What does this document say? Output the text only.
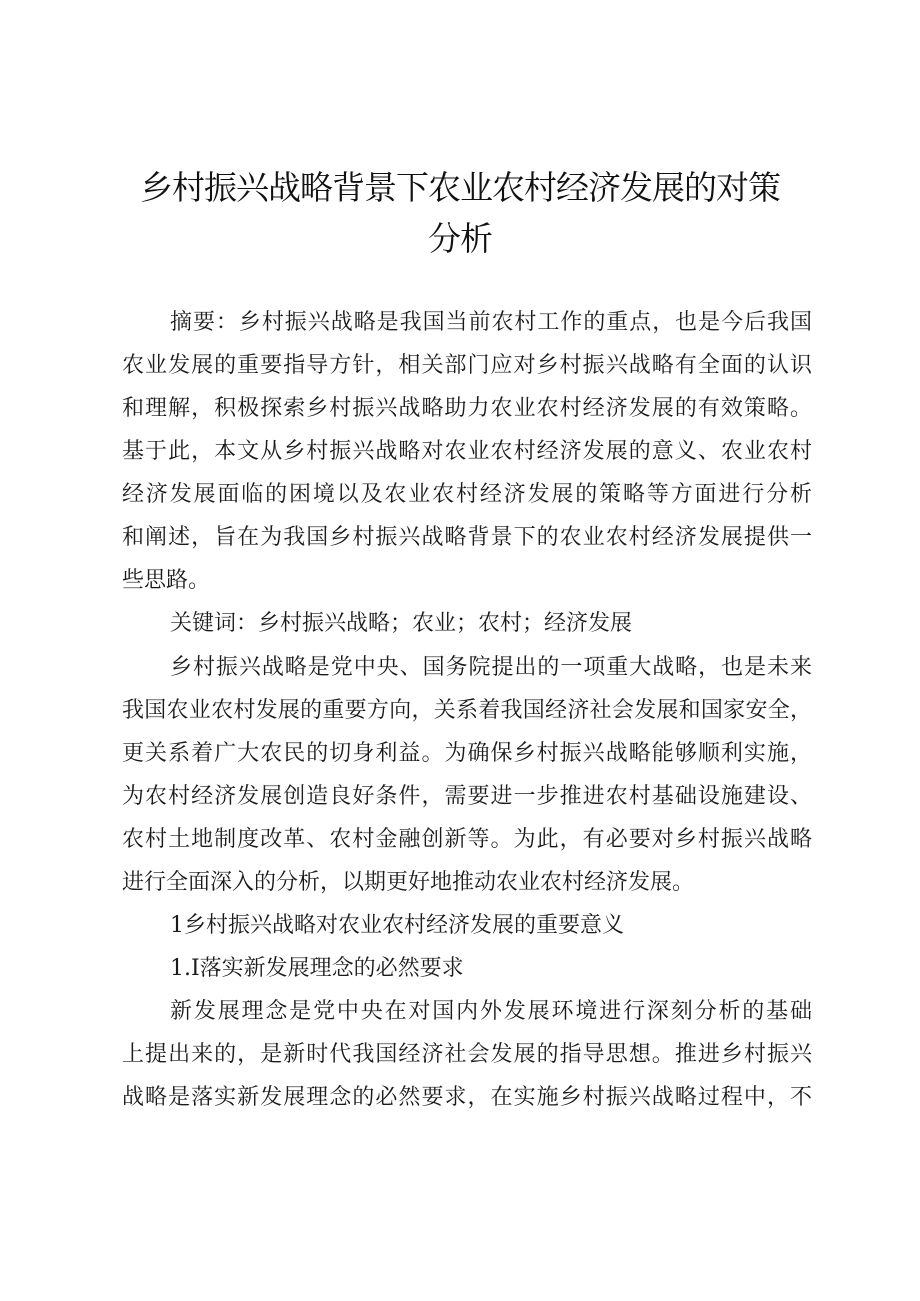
乡村振兴战略背景下农业农村经济发展的对策
分析

摘要：乡村振兴战略是我国当前农村工作的重点，也是今后我国

农业发展的重要指导方针，相关部门应对乡村振兴战略有全面的认识

和理解，积极探索乡村振兴战略助力农业农村经济发展的有效策略。

基于此，本文从乡村振兴战略对农业农村经济发展的意义、农业农村

经济发展面临的困境以及农业农村经济发展的策略等方面进行分析

和阐述，旨在为我国乡村振兴战略背景下的农业农村经济发展提供一

些思路。

关键词：乡村振兴战略；农业；农村；经济发展

乡村振兴战略是党中央、国务院提出的一项重大战略，也是未来

我国农业农村发展的重要方向，关系着我国经济社会发展和国家安全，

更关系着广大农民的切身利益。为确保乡村振兴战略能够顺利实施，

为农村经济发展创造良好条件，需要进一步推进农村基础设施建设、

农村土地制度改革、农村金融创新等。为此，有必要对乡村振兴战略

进行全面深入的分析，以期更好地推动农业农村经济发展。

1乡村振兴战略对农业农村经济发展的重要意义

1.I落实新发展理念的必然要求

新发展理念是党中央在对国内外发展环境进行深刻分析的基础

上提出来的，是新时代我国经济社会发展的指导思想。推进乡村振兴

战略是落实新发展理念的必然要求，在实施乡村振兴战略过程中，不
